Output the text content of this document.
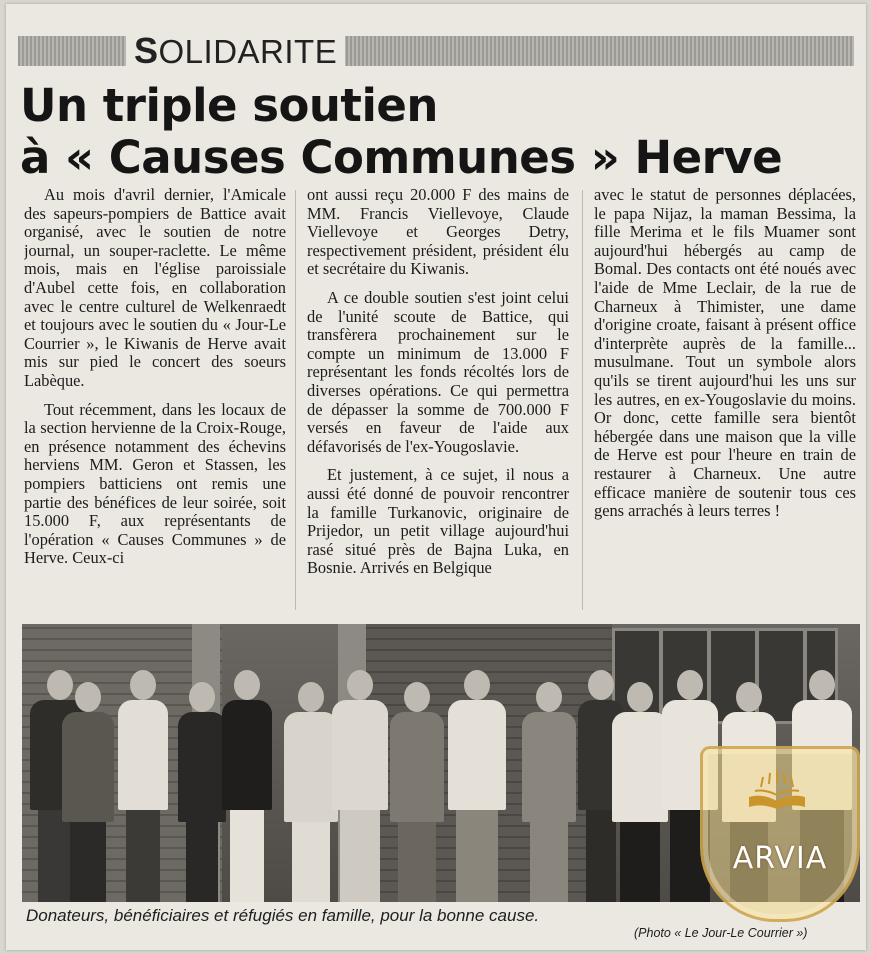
SOLIDARITE
Un triple soutien
à « Causes Communes » Herve

Au mois d'avril dernier, l'Amicale des sapeurs-pompiers de Battice avait organisé, avec le soutien de notre journal, un souper-raclette. Le même mois, mais en l'église paroissiale d'Aubel cette fois, en collaboration avec le centre culturel de Welkenraedt et toujours avec le soutien du « Jour-Le Courrier », le Kiwanis de Herve avait mis sur pied le concert des soeurs Labèque.

Tout récemment, dans les locaux de la section hervienne de la Croix-Rouge, en présence notamment des échevins herviens MM. Geron et Stassen, les pompiers batticiens ont remis une partie des bénéfices de leur soirée, soit 15.000 F, aux représentants de l'opération « Causes Communes » de Herve. Ceux-ci

ont aussi reçu 20.000 F des mains de MM. Francis Viellevoye, Claude Viellevoye et Georges Detry, respectivement président, président élu et secrétaire du Kiwanis.

A ce double soutien s'est joint celui de l'unité scoute de Battice, qui transfèrera prochainement sur le compte un minimum de 13.000 F représentant les fonds récoltés lors de diverses opérations. Ce qui permettra de dépasser la somme de 700.000 F versés en faveur de l'aide aux défavorisés de l'ex-Yougoslavie.

Et justement, à ce sujet, il nous a aussi été donné de pouvoir rencontrer la famille Turkanovic, originaire de Prijedor, un petit village aujourd'hui rasé situé près de Bajna Luka, en Bosnie. Arrivés en Belgique

avec le statut de personnes déplacées, le papa Nijaz, la maman Bessima, la fille Merima et le fils Muamer sont aujourd'hui hébergés au camp de Bomal. Des contacts ont été noués avec l'aide de Mme Leclair, de la rue de Charneux à Thimister, une dame d'origine croate, faisant à présent office d'interprète auprès de la famille... musulmane. Tout un symbole alors qu'ils se tirent aujourd'hui les uns sur les autres, en ex-Yougoslavie du moins. Or donc, cette famille sera bientôt hébergée dans une maison que la ville de Herve est pour l'heure en train de restaurer à Charneux. Une autre efficace manière de soutenir tous ces gens arrachés à leurs terres !

ARVIA
Donateurs, bénéficiaires et réfugiés en famille, pour la bonne cause.
(Photo « Le Jour-Le Courrier »)
